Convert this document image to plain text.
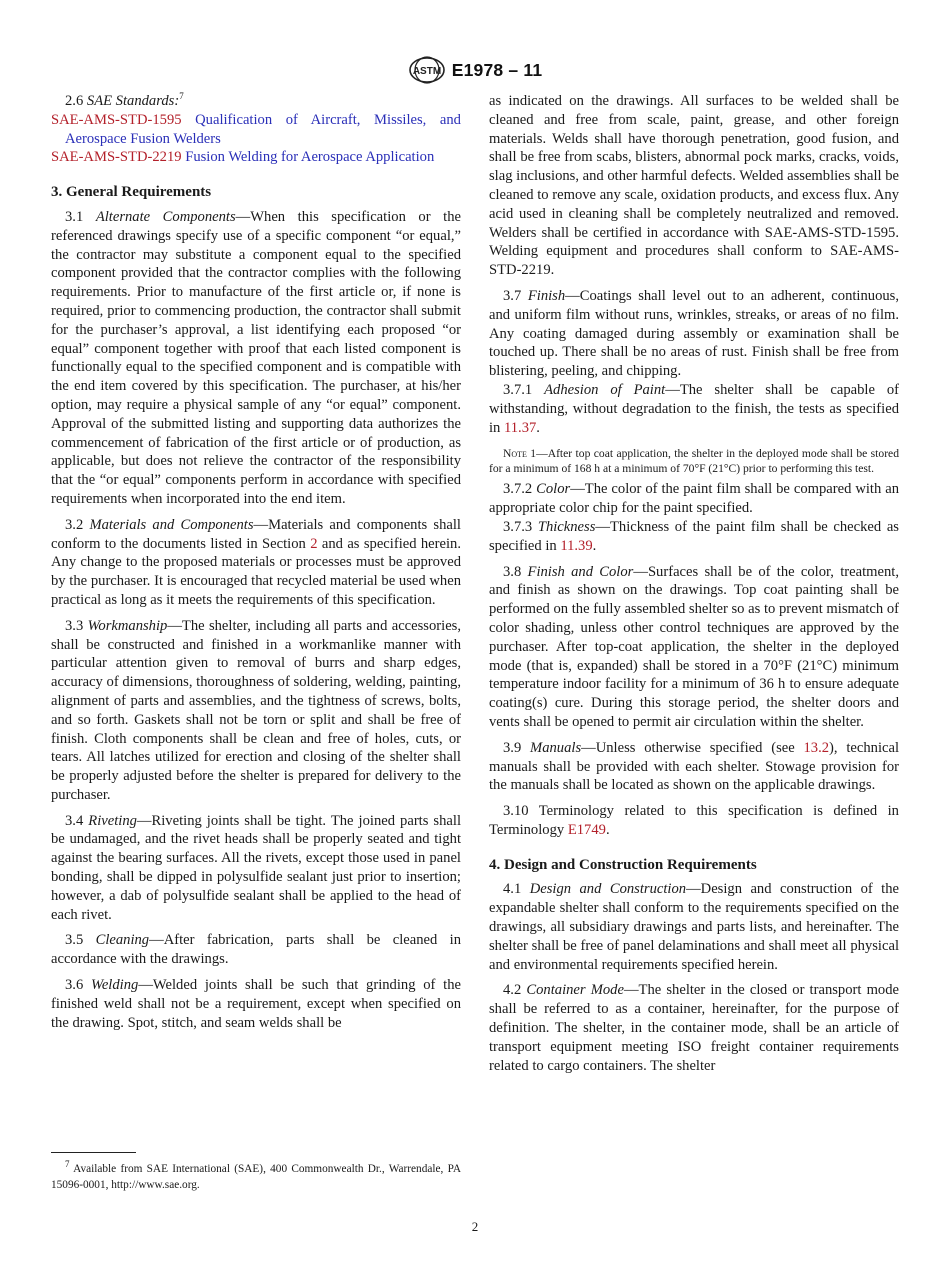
ASTM E1978 – 11

2.6 SAE Standards:$^7$

SAE-AMS-STD-1595 Qualification of Aircraft, Missiles, and Aerospace Fusion Welders
SAE-AMS-STD-2219 Fusion Welding for Aerospace Application
3. General Requirements

3.1 Alternate Components—When this specification or the referenced drawings specify use of a specific component “or equal,” the contractor may substitute a component equal to the specified component provided that the contractor complies with the following requirements. Prior to manufacture of the first article or, if none is required, prior to commencing production, the contractor shall submit for the purchaser’s approval, a list identifying each proposed “or equal” component together with proof that each listed component is functionally equal to the specified component and is compatible with the end item covered by this specification. The purchaser, at his/her option, may require a physical sample of any “or equal” component. Approval of the submitted listing and supporting data authorizes the commencement of fabrication of the first article or of production, as applicable, but does not relieve the contractor of the responsibility that the “or equal” components perform in accordance with specified requirements when incorporated into the end item.

3.2 Materials and Components—Materials and components shall conform to the documents listed in Section 2 and as specified herein. Any change to the proposed materials or processes must be approved by the purchaser. It is encouraged that recycled material be used when practical as long as it meets the requirements of this specification.

3.3 Workmanship—The shelter, including all parts and accessories, shall be constructed and finished in a workmanlike manner with particular attention given to removal of burrs and sharp edges, accuracy of dimensions, thoroughness of soldering, welding, painting, alignment of parts and assemblies, and the tightness of screws, bolts, and so forth. Gaskets shall not be torn or split and shall be free of finish. Cloth components shall be clean and free of holes, cuts, or tears. All latches utilized for erection and closing of the shelter shall be properly adjusted before the shelter is prepared for delivery to the purchaser.

3.4 Riveting—Riveting joints shall be tight. The joined parts shall be undamaged, and the rivet heads shall be properly seated and tight against the bearing surfaces. All the rivets, except those used in panel bonding, shall be dipped in polysulfide sealant just prior to insertion; however, a dab of polysulfide sealant shall be applied to the head of each rivet.

3.5 Cleaning—After fabrication, parts shall be cleaned in accordance with the drawings.

3.6 Welding—Welded joints shall be such that grinding of the finished weld shall not be a requirement, except when specified on the drawing. Spot, stitch, and seam welds shall be

as indicated on the drawings. All surfaces to be welded shall be cleaned and free from scale, paint, grease, and other foreign materials. Welds shall have thorough penetration, good fusion, and shall be free from scabs, blisters, abnormal pock marks, cracks, voids, slag inclusions, and other harmful defects. Welded assemblies shall be cleaned to remove any scale, oxidation products, and excess flux. Any acid used in cleaning shall be completely neutralized and removed. Welders shall be certified in accordance with SAE-AMS-STD-1595. Welding equipment and procedures shall conform to SAE-AMS-STD-2219.

3.7 Finish—Coatings shall level out to an adherent, continuous, and uniform film without runs, wrinkles, streaks, or areas of no film. Any coating damaged during assembly or examination shall be touched up. There shall be no areas of rust. Finish shall be free from blistering, peeling, and chipping.

3.7.1 Adhesion of Paint—The shelter shall be capable of withstanding, without degradation to the finish, the tests as specified in 11.37.

Note 1—After top coat application, the shelter in the deployed mode shall be stored for a minimum of 168 h at a minimum of 70°F (21°C) prior to performing this test.

3.7.2 Color—The color of the paint film shall be compared with an appropriate color chip for the paint specified.

3.7.3 Thickness—Thickness of the paint film shall be checked as specified in 11.39.

3.8 Finish and Color—Surfaces shall be of the color, treatment, and finish as shown on the drawings. Top coat painting shall be performed on the fully assembled shelter so as to prevent mismatch of color shading, unless other control techniques are approved by the purchaser. After top-coat application, the shelter in the deployed mode (that is, expanded) shall be stored in a 70°F (21°C) minimum temperature indoor facility for a minimum of 36 h to ensure adequate coating(s) cure. During this storage period, the shelter doors and vents shall be opened to permit air circulation within the shelter.

3.9 Manuals—Unless otherwise specified (see 13.2), technical manuals shall be provided with each shelter. Stowage provision for the manuals shall be located as shown on the applicable drawings.

3.10 Terminology related to this specification is defined in Terminology E1749.

4. Design and Construction Requirements

4.1 Design and Construction—Design and construction of the expandable shelter shall conform to the requirements specified on the drawings, all subsidiary drawings and parts lists, and hereinafter. The shelter shall be free of panel delaminations and shall meet all physical and environmental requirements specified herein.

4.2 Container Mode—The shelter in the closed or transport mode shall be referred to as a container, hereinafter, for the purpose of definition. The shelter, in the container mode, shall be an article of transport equipment meeting ISO freight container requirements related to cargo containers. The shelter

$^7$ Available from SAE International (SAE), 400 Commonwealth Dr., Warrendale, PA 15096-0001, http://www.sae.org.
2
